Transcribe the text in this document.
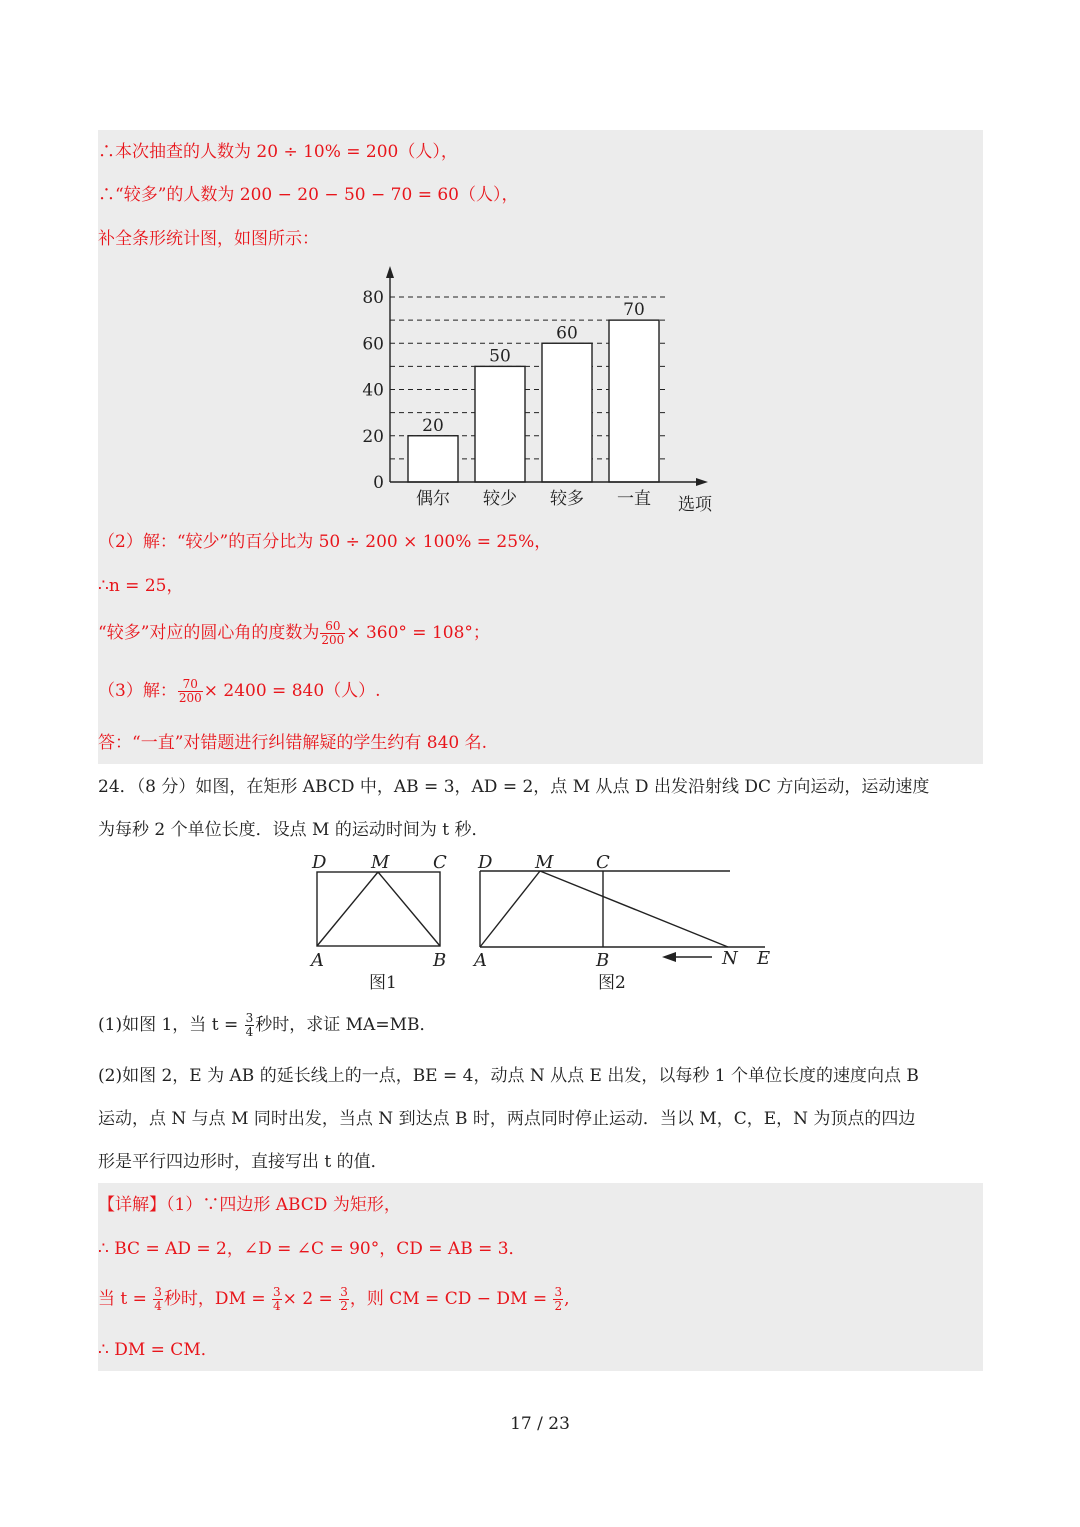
∴本次抽查的人数为 20 ÷ 10% = 200（人），
∴“较多”的人数为 200 − 20 − 50 − 70 = 60（人），
补全条形统计图，如图所示：
0
20
40
60
80
20
偶尔
50
较少
60
较多
70
一直 选项
（2）解：“较少”的百分比为 50 ÷ 200 × 100% = 25%，
∴n = 25，
“较多”对应的圆心角的度数为 $\frac{60}{200} \times 360^\circ = 108^\circ$；
（3）解： $\frac{70}{200} \times 2400 = 840$（人）.
答：“一直”对错题进行纠错解疑的学生约有 840 名.
24．（8 分）如图，在矩形 ABCD 中，AB = 3，AD = 2，点 M 从点 D 出发沿射线 DC 方向运动，运动速度
为每秒 2 个单位长度．设点 M 的运动时间为 t 秒．
D M C
A	B
图1
D M C
A	B	N E
图2
(1)如图 1，当 $t = \frac{3}{4}$ 秒时，求证 MA=MB．
(2)如图 2，E 为 AB 的延长线上的一点，BE = 4，动点 N 从点 E 出发，以每秒 1 个单位长度的速度向点 B
运动，点 N 与点 M 同时出发，当点 N 到达点 B 时，两点同时停止运动．当以 M，C，E，N 为顶点的四边
形是平行四边形时，直接写出 t 的值．
【详解】（1）∵四边形 ABCD 为矩形，
∴ BC = AD = 2，∠D = ∠C = 90°，CD = AB = 3．
当 $t = \frac{3}{4}$ 秒时，DM = $\frac{3}{4} \times 2 = \frac{3}{2}$ ，则 CM = CD − DM = $\frac{3}{2}$ ,
∴ DM = CM．
17 / 23
